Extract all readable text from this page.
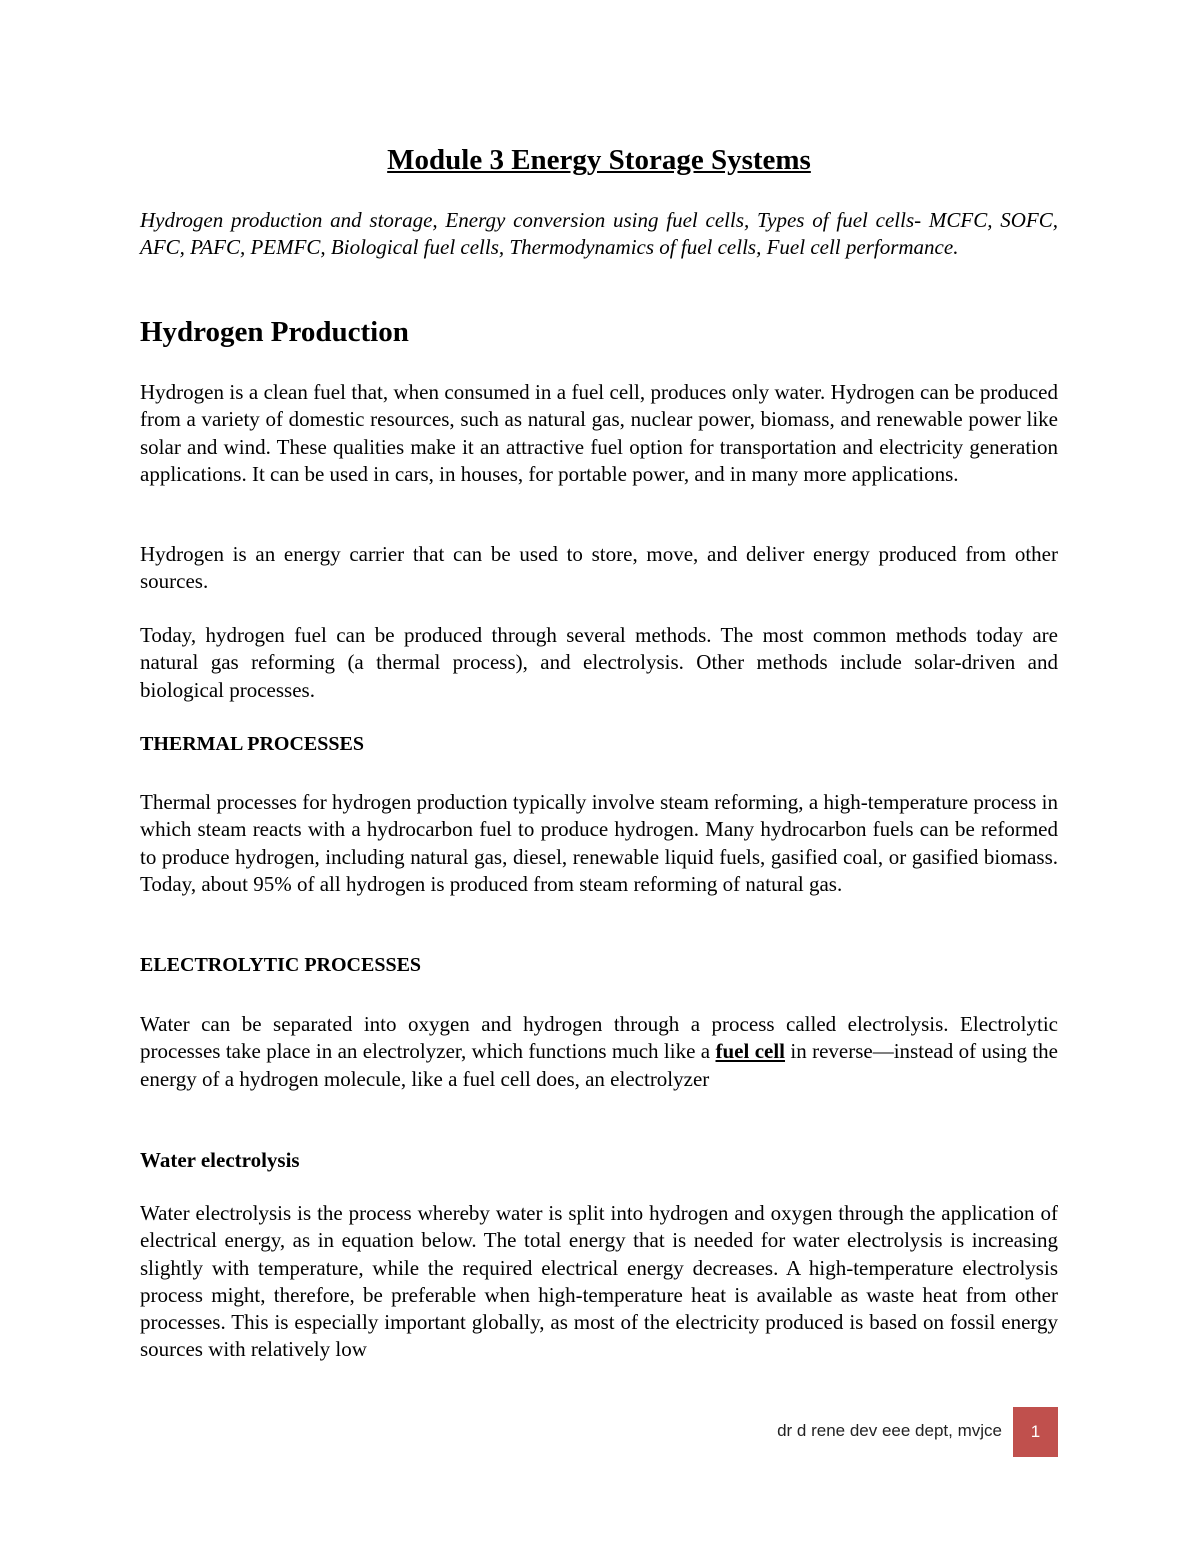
Module 3 Energy Storage Systems

Hydrogen production and storage, Energy conversion using fuel cells, Types of fuel cells- MCFC, SOFC, AFC, PAFC, PEMFC, Biological fuel cells, Thermodynamics of fuel cells, Fuel cell performance.

Hydrogen Production

Hydrogen is a clean fuel that, when consumed in a fuel cell, produces only water. Hydrogen can be produced from a variety of domestic resources, such as natural gas, nuclear power, biomass, and renewable power like solar and wind. These qualities make it an attractive fuel option for transportation and electricity generation applications. It can be used in cars, in houses, for portable power, and in many more applications.

Hydrogen is an energy carrier that can be used to store, move, and deliver energy produced from other sources.

Today, hydrogen fuel can be produced through several methods. The most common methods today are natural gas reforming (a thermal process), and electrolysis. Other methods include solar-driven and biological processes.

THERMAL PROCESSES

Thermal processes for hydrogen production typically involve steam reforming, a high-temperature process in which steam reacts with a hydrocarbon fuel to produce hydrogen. Many hydrocarbon fuels can be reformed to produce hydrogen, including natural gas, diesel, renewable liquid fuels, gasified coal, or gasified biomass. Today, about 95% of all hydrogen is produced from steam reforming of natural gas.

ELECTROLYTIC PROCESSES

Water can be separated into oxygen and hydrogen through a process called electrolysis. Electrolytic processes take place in an electrolyzer, which functions much like a fuel cell in reverse—instead of using the energy of a hydrogen molecule, like a fuel cell does, an electrolyzer

Water electrolysis

Water electrolysis is the process whereby water is split into hydrogen and oxygen through the application of electrical energy, as in equation below. The total energy that is needed for water electrolysis is increasing slightly with temperature, while the required electrical energy decreases. A high-temperature electrolysis process might, therefore, be preferable when high-temperature heat is available as waste heat from other processes. This is especially important globally, as most of the electricity produced is based on fossil energy sources with relatively low

dr d rene dev eee dept, mvjce	1
